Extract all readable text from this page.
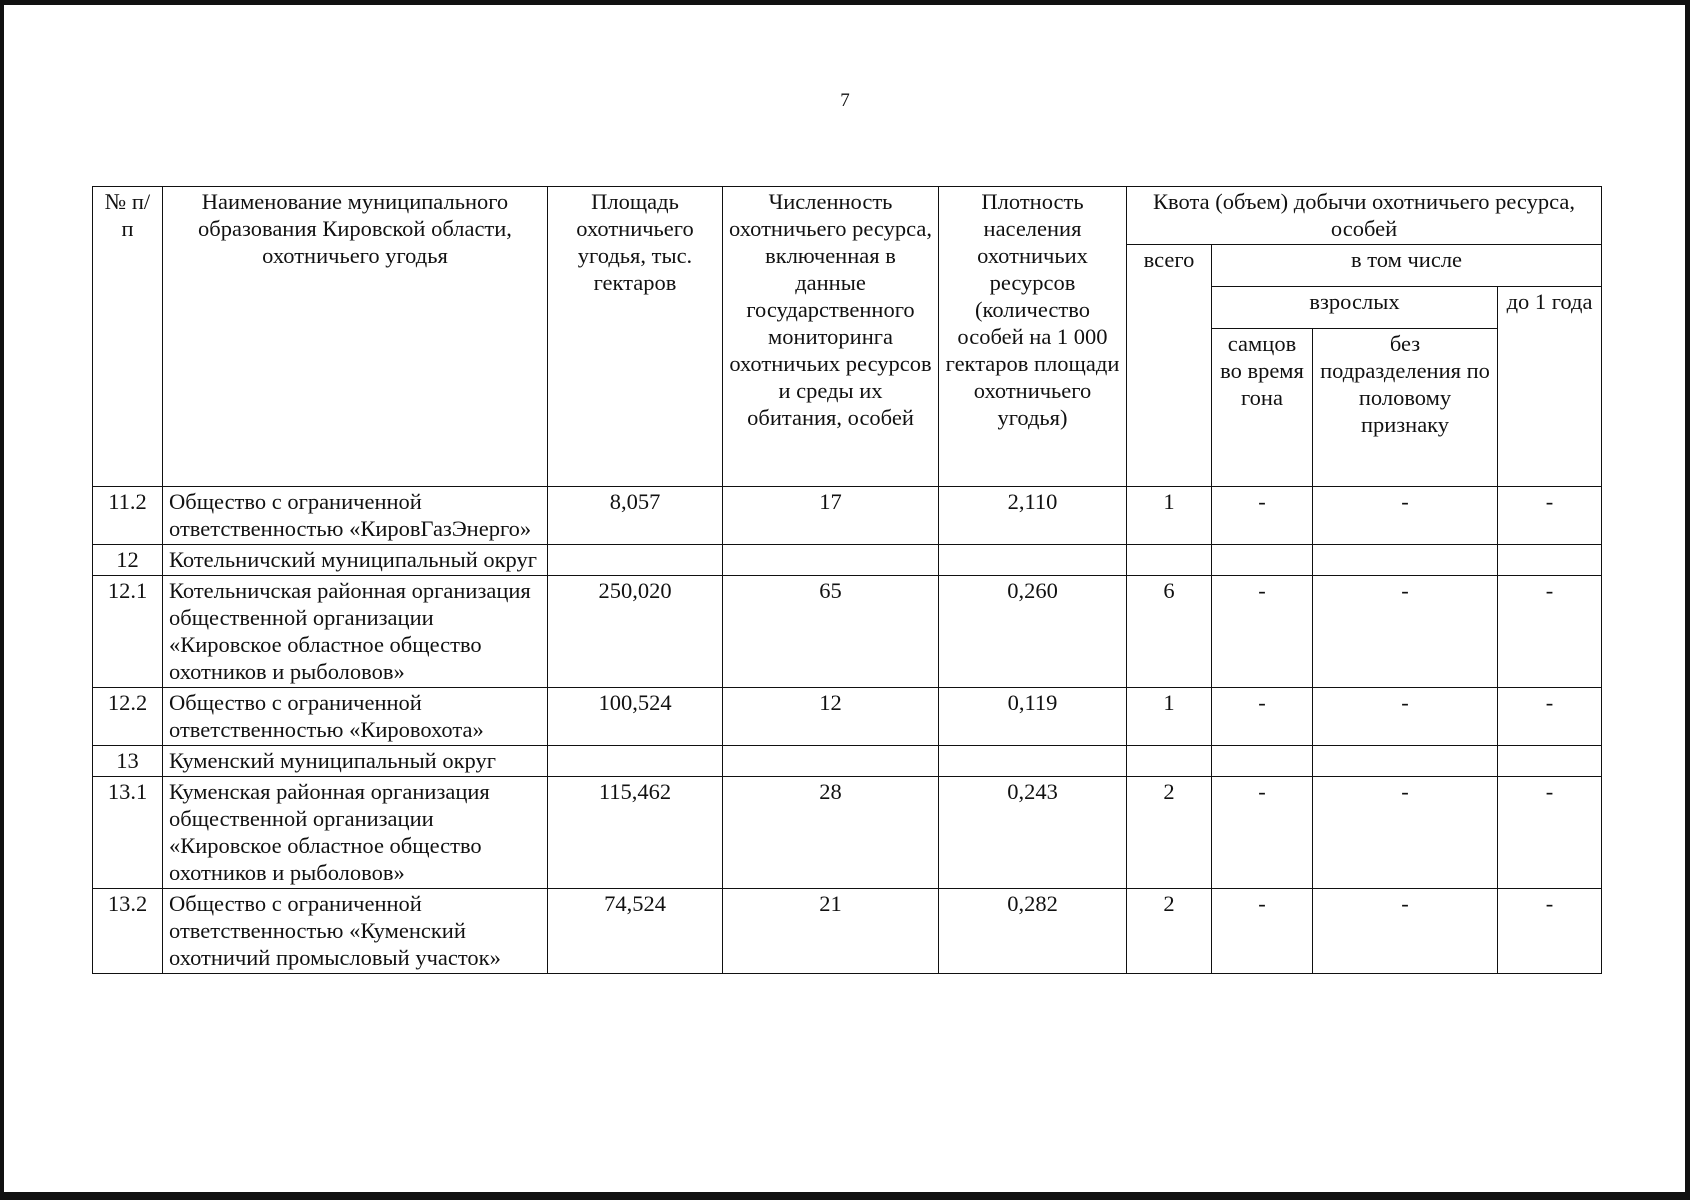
7
№ п/п	Наименование муниципального образования Кировской области, охотничьего угодья	Площадь охотничьего угодья, тыс. гектаров	Численность охотничьего ресурса, включенная в данные государственного мониторинга охотничьих ресурсов и среды их обитания, особей	Плотность населения охотничьих ресурсов (количество особей на 1 000 гектаров площади охотничьего угодья)	Квота (объем) добычи охотничьего ресурса, особей			
					всего	в том числе		
						взрослых		до 1 года
						самцов во время гона	без подразделения по половому признаку	
11.2	Общество с ограниченной ответственностью «КировГазЭнерго»	8,057	17	2,110	1	-	-	-
12	Котельничский муниципальный округ							
12.1	Котельничская районная организация общественной организации «Кировское областное общество охотников и рыболовов»	250,020	65	0,260	6	-	-	-
12.2	Общество с ограниченной ответственностью «Кировохота»	100,524	12	0,119	1	-	-	-
13	Куменский муниципальный округ							
13.1	Куменская районная организация общественной организации «Кировское областное общество охотников и рыболовов»	115,462	28	0,243	2	-	-	-
13.2	Общество с ограниченной ответственностью «Куменский охотничий промысловый участок»	74,524	21	0,282	2	-	-	-
